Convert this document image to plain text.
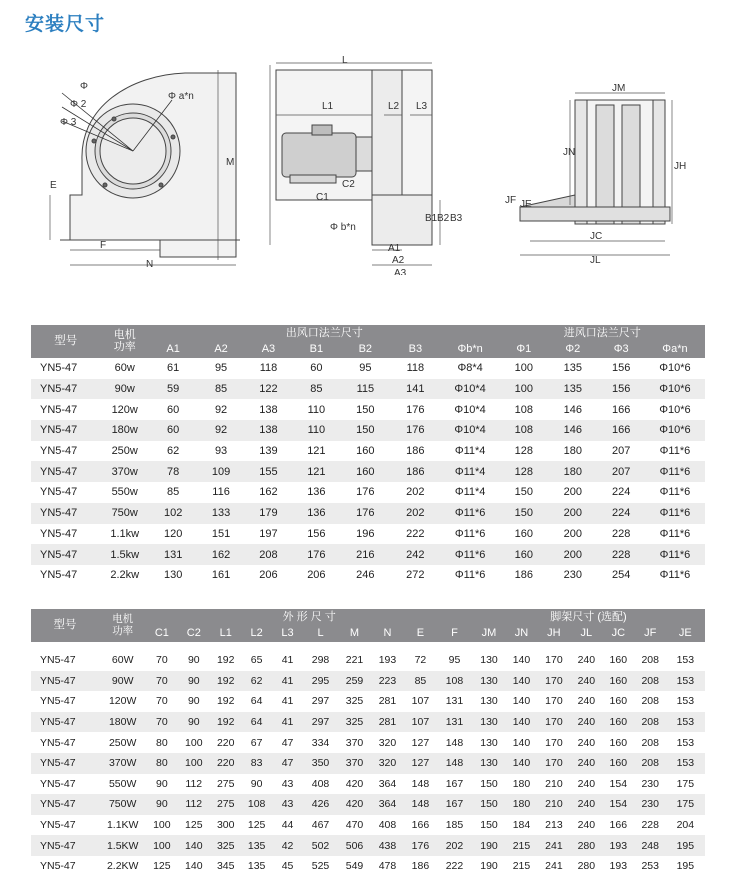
安装尺寸
Φ
Φ 2
Φ 3
Φ a*n
E
M
F
N
L
L1	L2 L3
C1
C2
B1 B2 B3
Φ b*n
A1
A2
A3
JM
JN
JH
JF JE
JC
JL
型号	电机
功率	出风口法兰尺寸							进风口法兰尺寸			
		A1	A2	A3	B1	B2	B3	Φb*n	Φ1	Φ2	Φ3	Φa*n
YN5-47	60w	61	95	118	60	95	118	Φ8*4	100	135	156	Φ10*6
YN5-47	90w	59	85	122	85	115	141	Φ10*4	100	135	156	Φ10*6
YN5-47	120w	60	92	138	110	150	176	Φ10*4	108	146	166	Φ10*6
YN5-47	180w	60	92	138	110	150	176	Φ10*4	108	146	166	Φ10*6
YN5-47	250w	62	93	139	121	160	186	Φ11*4	128	180	207	Φ11*6
YN5-47	370w	78	109	155	121	160	186	Φ11*4	128	180	207	Φ11*6
YN5-47	550w	85	116	162	136	176	202	Φ11*4	150	200	224	Φ11*6
YN5-47	750w	102	133	179	136	176	202	Φ11*6	150	200	224	Φ11*6
YN5-47	1.1kw	120	151	197	156	196	222	Φ11*6	160	200	228	Φ11*6
YN5-47	1.5kw	131	162	208	176	216	242	Φ11*6	160	200	228	Φ11*6
YN5-47	2.2kw	130	161	206	206	246	272	Φ11*6	186	230	254	Φ11*6
型号	电机
功率	外 形 尺 寸										脚架尺寸 (选配)						
		C1	C2	L1	L2	L3	L	M	N	E	F	JM	JN	JH	JL	JC	JF	JE

YN5-47	60W	70	90	192	65	41	298	221	193	72	95	130	140	170	240	160	208	153
YN5-47	90W	70	90	192	62	41	295	259	223	85	108	130	140	170	240	160	208	153
YN5-47	120W	70	90	192	64	41	297	325	281	107	131	130	140	170	240	160	208	153
YN5-47	180W	70	90	192	64	41	297	325	281	107	131	130	140	170	240	160	208	153
YN5-47	250W	80	100	220	67	47	334	370	320	127	148	130	140	170	240	160	208	153
YN5-47	370W	80	100	220	83	47	350	370	320	127	148	130	140	170	240	160	208	153
YN5-47	550W	90	112	275	90	43	408	420	364	148	167	150	180	210	240	154	230	175
YN5-47	750W	90	112	275	108	43	426	420	364	148	167	150	180	210	240	154	230	175
YN5-47	1.1KW	100	125	300	125	44	467	470	408	166	185	150	184	213	240	166	228	204
YN5-47	1.5KW	100	140	325	135	42	502	506	438	176	202	190	215	241	280	193	248	195
YN5-47	2.2KW	125	140	345	135	45	525	549	478	186	222	190	215	241	280	193	253	195
